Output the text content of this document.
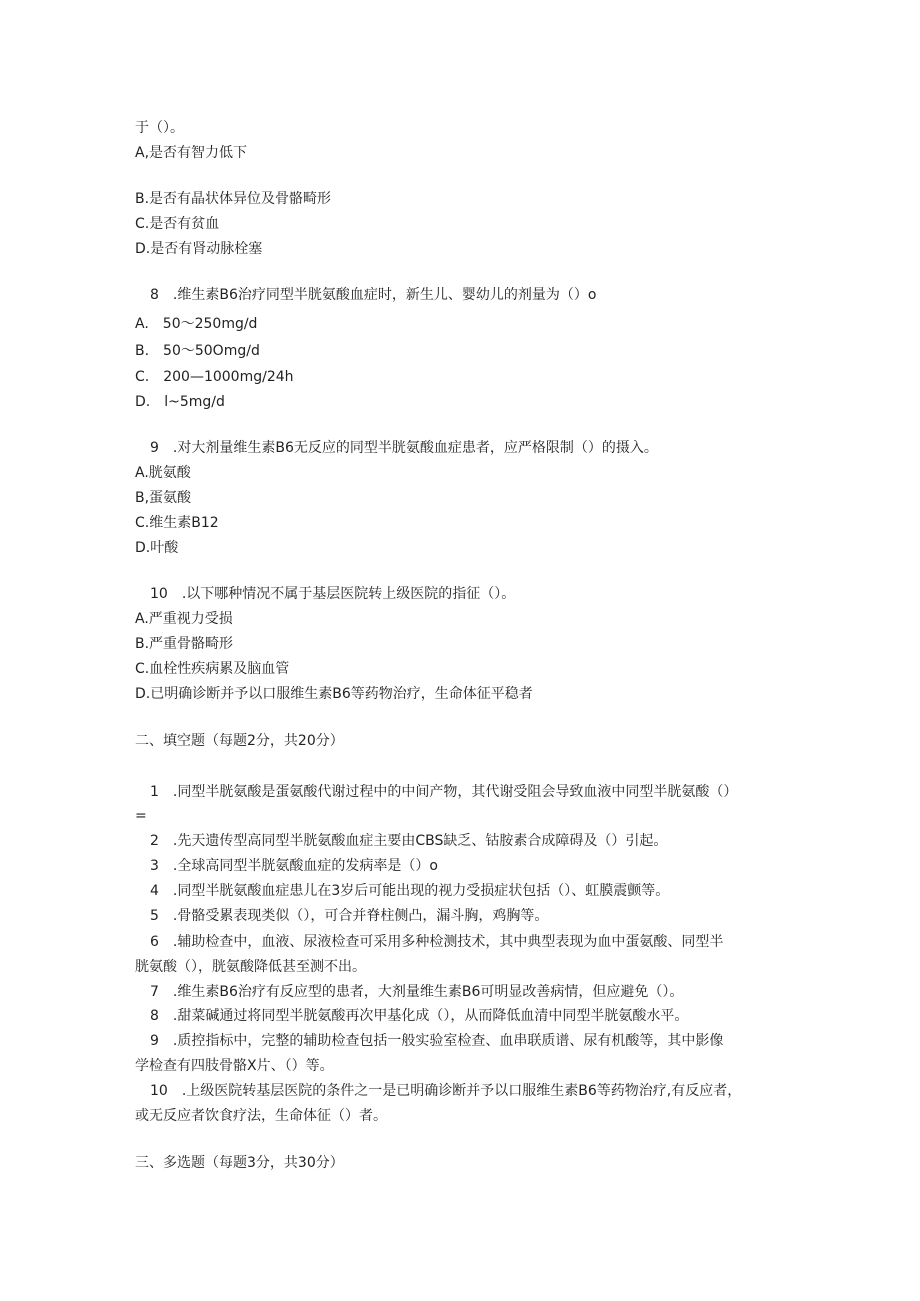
于（）。
A,是否有智力低下
B.是否有晶状体异位及骨骼畸形
C.是否有贫血
D.是否有肾动脉栓塞
8　.维生素B6治疗同型半胱氨酸血症时，新生儿、婴幼儿的剂量为（）o
A.　50～250mg∕d
B.　50～50Omg∕d
C.　200—1000mg∕24h
D.　l~5mg∕d
9　.对大剂量维生素B6无反应的同型半胱氨酸血症患者，应严格限制（）的摄入。
A.胱氨酸
B,蛋氨酸
C.维生素B12
D.叶酸
10　.以下哪种情况不属于基层医院转上级医院的指征（）。
A.严重视力受损
B.严重骨骼畸形
C.血栓性疾病累及脑血管
D.已明确诊断并予以口服维生素B6等药物治疗，生命体征平稳者
二、填空题（每题2分，共20分）
1　.同型半胱氨酸是蛋氨酸代谢过程中的中间产物，其代谢受阻会导致血液中同型半胱氨酸（）
=
2　.先天遗传型高同型半胱氨酸血症主要由CBS缺乏、钴胺素合成障碍及（）引起。
3　.全球高同型半胱氨酸血症的发病率是（）o
4　.同型半胱氨酸血症患儿在3岁后可能出现的视力受损症状包括（）、虹膜震颤等。
5　.骨骼受累表现类似（），可合并脊柱侧凸，漏斗胸，鸡胸等。
6　.辅助检查中，血液、尿液检查可采用多种检测技术，其中典型表现为血中蛋氨酸、同型半
胱氨酸（），胱氨酸降低甚至测不出。
7　.维生素B6治疗有反应型的患者，大剂量维生素B6可明显改善病情，但应避免（）。
8　.甜菜碱通过将同型半胱氨酸再次甲基化成（），从而降低血清中同型半胱氨酸水平。
9　.质控指标中，完整的辅助检查包括一般实验室检查、血串联质谱、尿有机酸等，其中影像
学检查有四肢骨骼X片、（）等。
10　.上级医院转基层医院的条件之一是已明确诊断并予以口服维生素B6等药物治疗,有反应者，
或无反应者饮食疗法，生命体征（）者。
三、多选题（每题3分，共30分）
